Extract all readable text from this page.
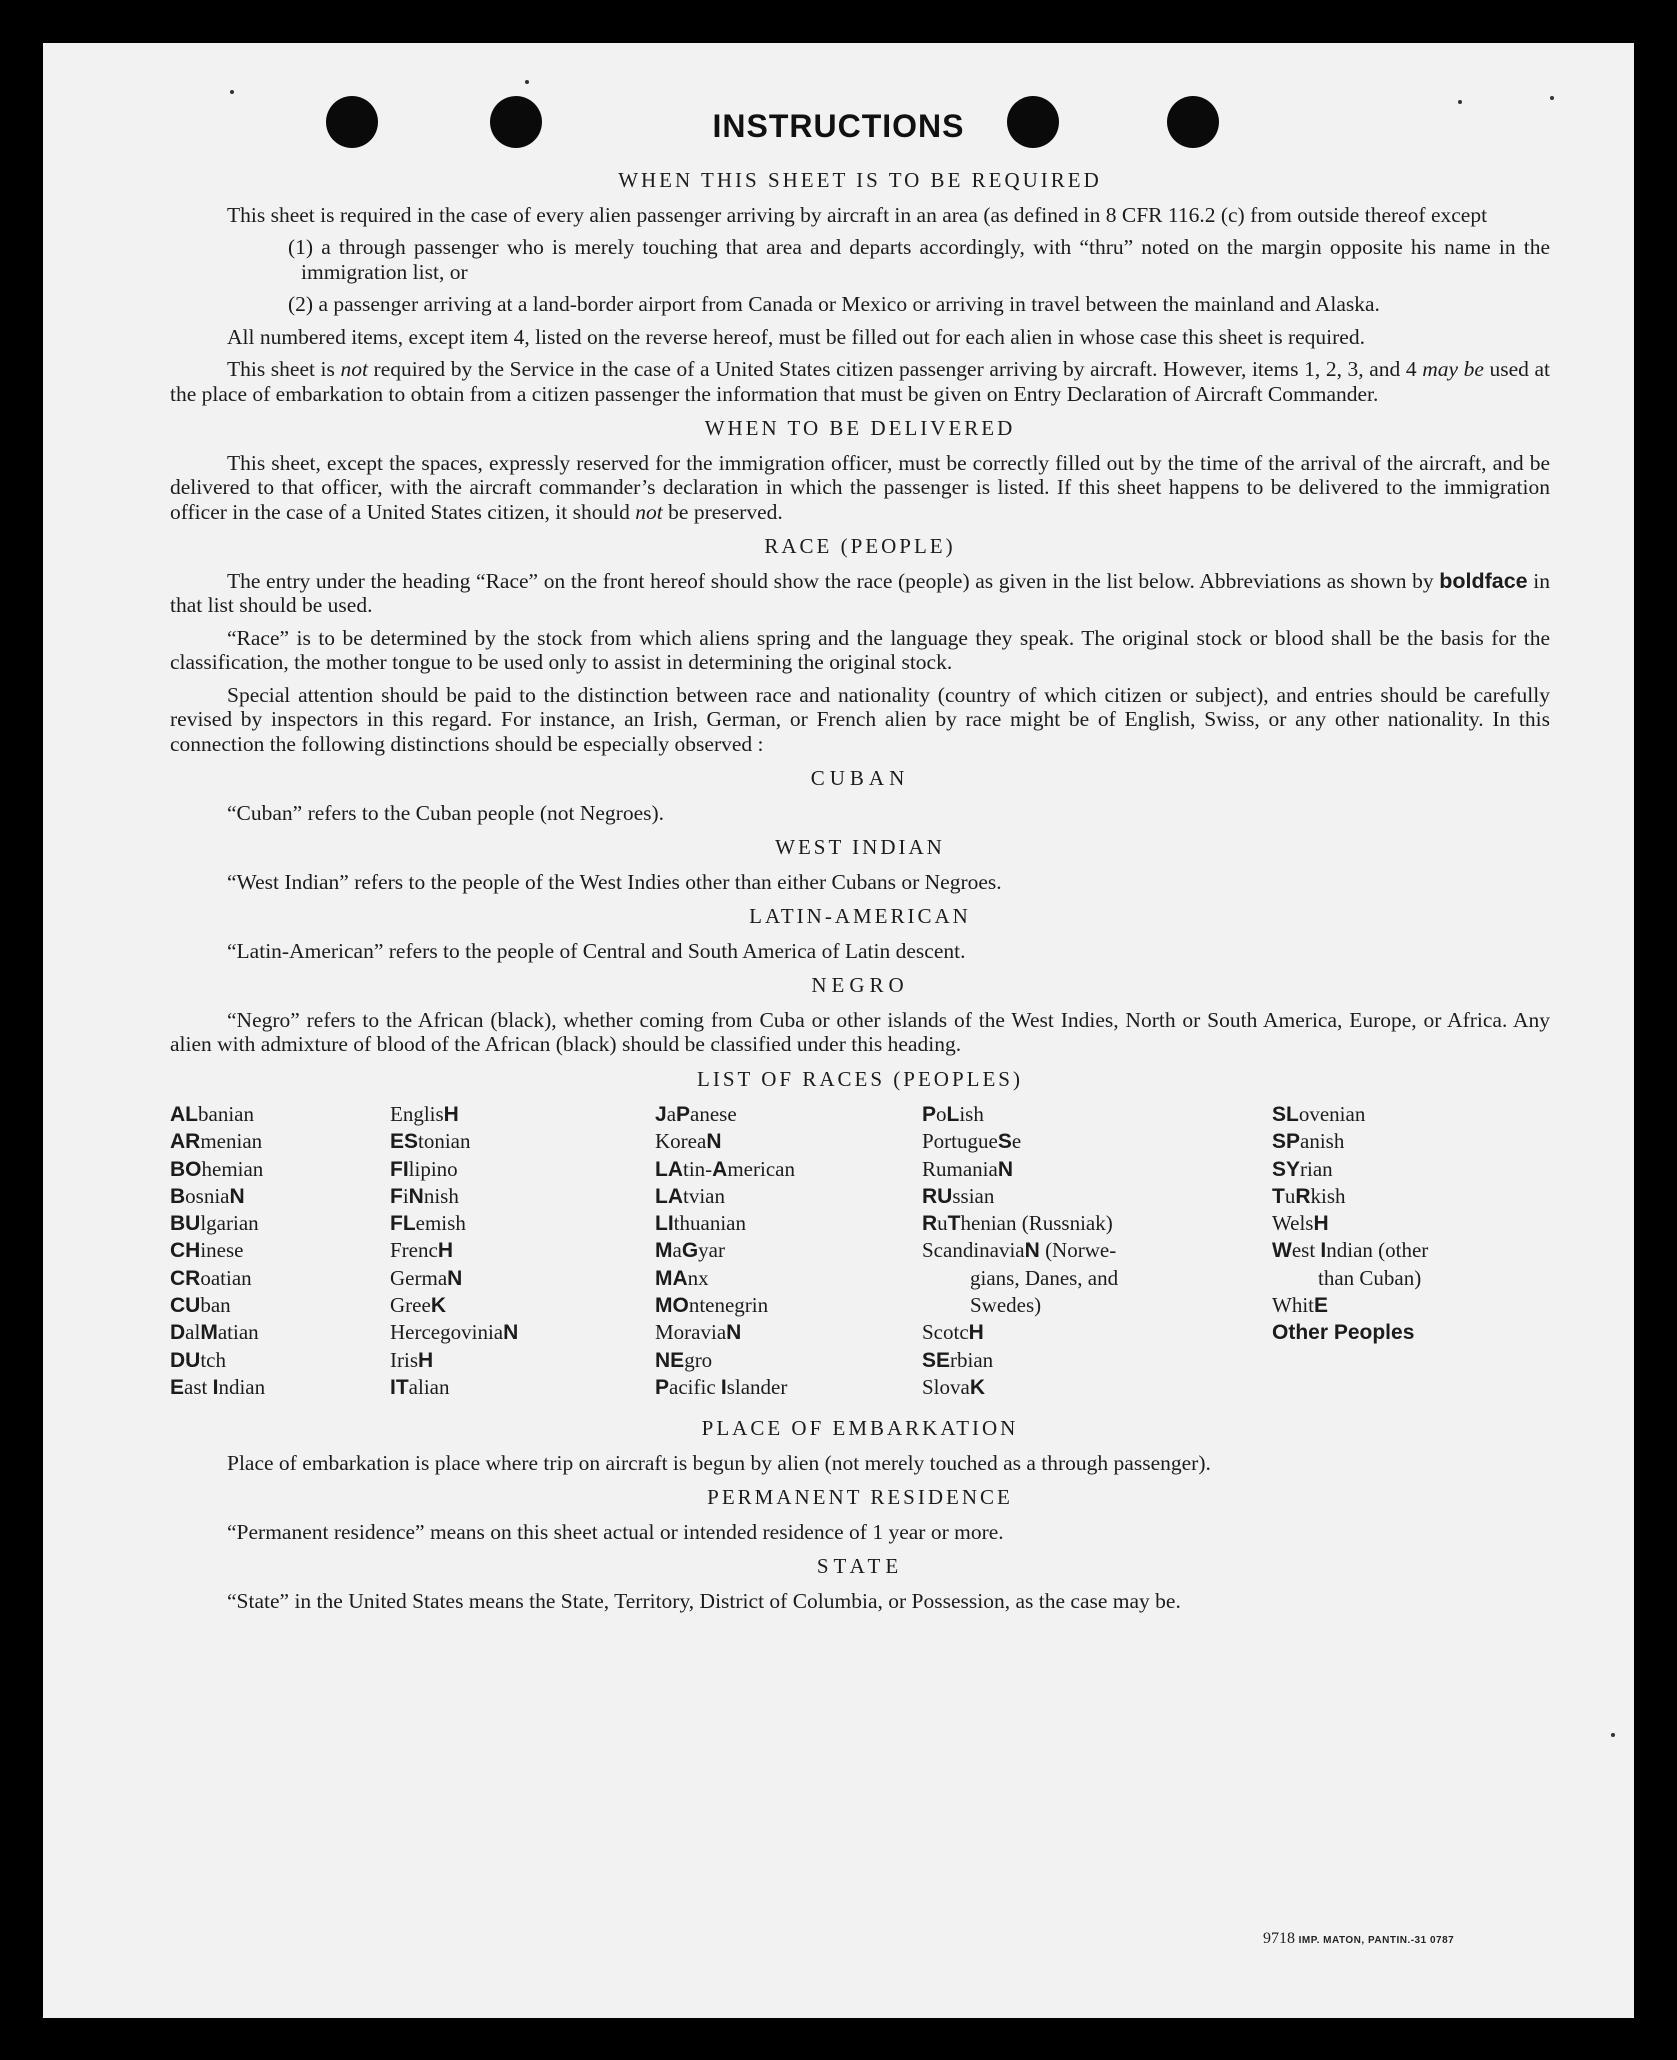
INSTRUCTIONS
WHEN THIS SHEET IS TO BE REQUIRED

This sheet is required in the case of every alien passenger arriving by aircraft in an area (as defined in 8 CFR 116.2 (c) from outside thereof except

(1) a through passenger who is merely touching that area and departs accordingly, with “thru” noted on the margin opposite his name in the immigration list, or

(2) a passenger arriving at a land-border airport from Canada or Mexico or arriving in travel between the mainland and Alaska.

All numbered items, except item 4, listed on the reverse hereof, must be filled out for each alien in whose case this sheet is required.

This sheet is not required by the Service in the case of a United States citizen passenger arriving by aircraft. However, items 1, 2, 3, and 4 may be used at the place of embarkation to obtain from a citizen passenger the information that must be given on Entry Declaration of Aircraft Commander.

WHEN TO BE DELIVERED

This sheet, except the spaces, expressly reserved for the immigration officer, must be correctly filled out by the time of the arrival of the aircraft, and be delivered to that officer, with the aircraft commander’s declaration in which the passenger is listed. If this sheet happens to be delivered to the immigration officer in the case of a United States citizen, it should not be preserved.

RACE (PEOPLE)

The entry under the heading “Race” on the front hereof should show the race (people) as given in the list below. Abbreviations as shown by boldface in that list should be used.

“Race” is to be determined by the stock from which aliens spring and the language they speak. The original stock or blood shall be the basis for the classification, the mother tongue to be used only to assist in determining the original stock.

Special attention should be paid to the distinction between race and nationality (country of which citizen or subject), and entries should be carefully revised by inspectors in this regard. For instance, an Irish, German, or French alien by race might be of English, Swiss, or any other nationality. In this connection the following distinctions should be especially observed :

CUBAN

“Cuban” refers to the Cuban people (not Negroes).

WEST INDIAN

“West Indian” refers to the people of the West Indies other than either Cubans or Negroes.

LATIN-AMERICAN

“Latin-American” refers to the people of Central and South America of Latin descent.

NEGRO

“Negro” refers to the African (black), whether coming from Cuba or other islands of the West Indies, North or South America, Europe, or Africa. Any alien with admixture of blood of the African (black) should be classified under this heading.

LIST OF RACES (PEOPLES)
ALbanian
ARmenian
BOhemian
BosniaN
BUlgarian
CHinese
CRoatian
CUban
DalMatian
DUtch
East Indian
EnglisH
EStonian
FIlipino
FiNnish
FLemish
FrencH
GermaN
GreeK
HercegoviniaN
IrisH
ITalian
JaPanese
KoreaN
LAtin-American
LAtvian
LIthuanian
MaGyar
MAnx
MOntenegrin
MoraviaN
NEgro
Pacific Islander
PoLish
PortugueSe
RumaniaN
RUssian
RuThenian (Russniak)
ScandinaviaN (Norwe-
gians, Danes, and
Swedes)
ScotcH
SErbian
SlovaK
SLovenian
SPanish
SYrian
TuRkish
WelsH
West Indian (other
than Cuban)
WhitE
Other Peoples
PLACE OF EMBARKATION

Place of embarkation is place where trip on aircraft is begun by alien (not merely touched as a through passenger).

PERMANENT RESIDENCE

“Permanent residence” means on this sheet actual or intended residence of 1 year or more.

STATE

“State” in the United States means the State, Territory, District of Columbia, or Possession, as the case may be.

9718 IMP. MATON, PANTIN.-31 0787
